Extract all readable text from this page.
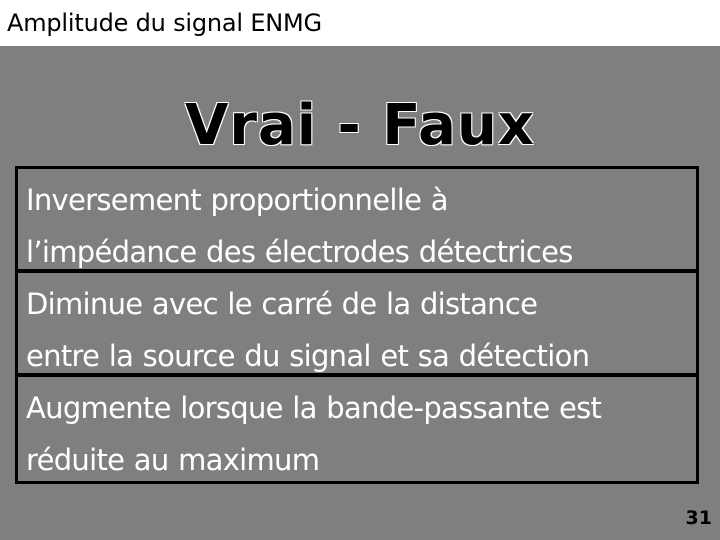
Amplitude du signal ENMG
Vrai - Faux
Inversement proportionnelle à
l’impédance des électrodes détectrices
Diminue avec le carré de la distance
entre la source du signal et sa détection
Augmente lorsque la bande-passante est
réduite au maximum
31
